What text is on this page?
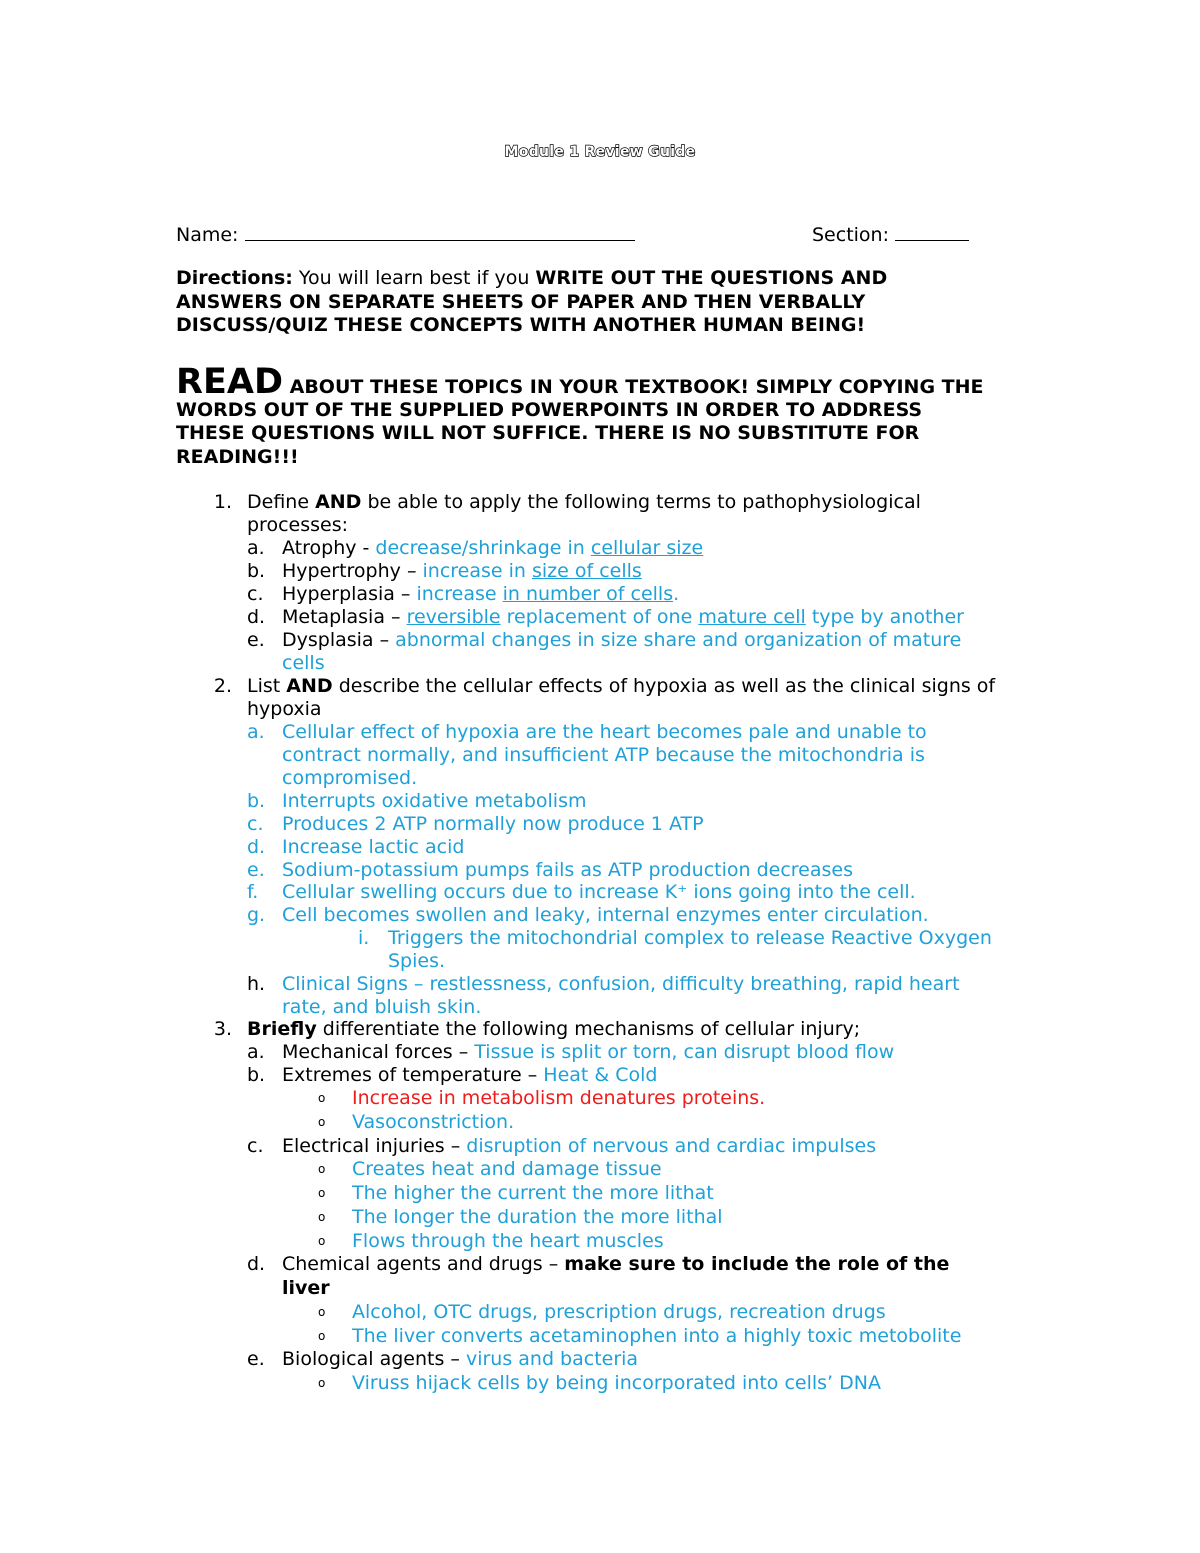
Module 1 Review Guide
Name:	Section:
Directions: You will learn best if you WRITE OUT THE QUESTIONS AND
ANSWERS ON SEPARATE SHEETS OF PAPER AND THEN VERBALLY
DISCUSS/QUIZ THESE CONCEPTS WITH ANOTHER HUMAN BEING!
READ ABOUT THESE TOPICS IN YOUR TEXTBOOK! SIMPLY COPYING THE
WORDS OUT OF THE SUPPLIED POWERPOINTS IN ORDER TO ADDRESS
THESE QUESTIONS WILL NOT SUFFICE. THERE IS NO SUBSTITUTE FOR
READING!!!
1. Define AND be able to apply the following terms to pathophysiological
processes:
a. Atrophy - decrease/shrinkage in cellular size
b. Hypertrophy – increase in size of cells
c. Hyperplasia – increase in number of cells.
d. Metaplasia – reversible replacement of one mature cell type by another
e. Dysplasia – abnormal changes in size share and organization of mature
cells
2. List AND describe the cellular effects of hypoxia as well as the clinical signs of
hypoxia
a. Cellular effect of hypoxia are the heart becomes pale and unable to
contract normally, and insufficient ATP because the mitochondria is
compromised.
b. Interrupts oxidative metabolism
c. Produces 2 ATP normally now produce 1 ATP
d. Increase lactic acid
e. Sodium-potassium pumps fails as ATP production decreases
f. Cellular swelling occurs due to increase K⁺ ions going into the cell.
g. Cell becomes swollen and leaky, internal enzymes enter circulation.
i. Triggers the mitochondrial complex to release Reactive Oxygen
Spies.
h. Clinical Signs – restlessness, confusion, difficulty breathing, rapid heart
rate, and bluish skin.
3. Briefly differentiate the following mechanisms of cellular injury;
a. Mechanical forces – Tissue is split or torn, can disrupt blood flow
b. Extremes of temperature – Heat & Cold
o Increase in metabolism denatures proteins.
o Vasoconstriction.
c. Electrical injuries – disruption of nervous and cardiac impulses
o Creates heat and damage tissue
o The higher the current the more lithat
o The longer the duration the more lithal
o Flows through the heart muscles
d. Chemical agents and drugs – make sure to include the role of the
liver
o Alcohol, OTC drugs, prescription drugs, recreation drugs
o The liver converts acetaminophen into a highly toxic metobolite
e. Biological agents – virus and bacteria
o Viruss hijack cells by being incorporated into cells’ DNA
